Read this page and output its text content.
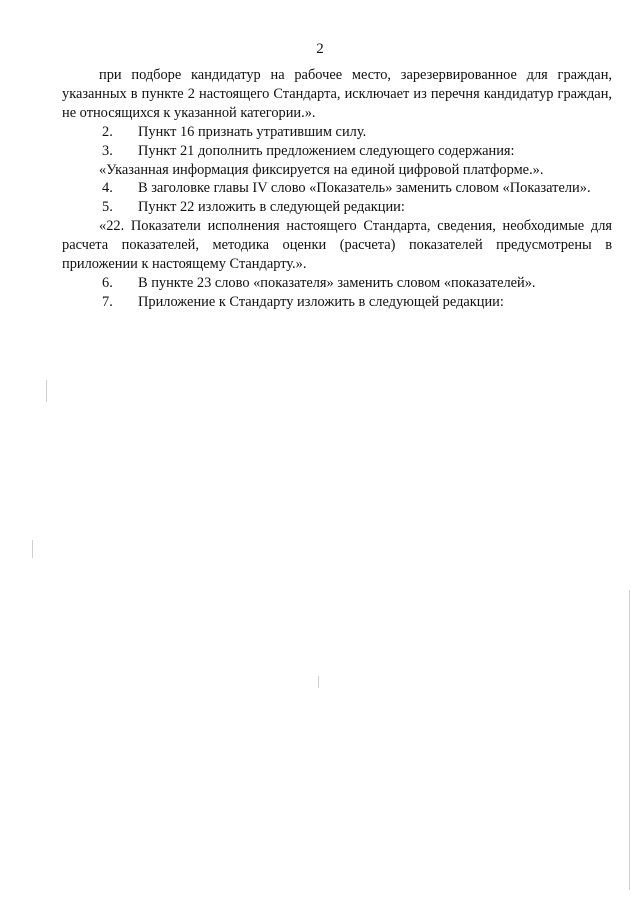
2

при подборе кандидатур на рабочее место, зарезервированное для граждан, указанных в пункте 2 настоящего Стандарта, исключает из перечня кандидатур граждан, не относящихся к указанной категории.».

2. Пункт 16 признать утратившим силу.

3. Пункт 21 дополнить предложением следующего содержания:

«Указанная информация фиксируется на единой цифровой платформе.».

4. В заголовке главы IV слово «Показатель» заменить словом «Показатели».

5. Пункт 22 изложить в следующей редакции:

«22. Показатели исполнения настоящего Стандарта, сведения, необходимые для расчета показателей, методика оценки (расчета) показателей предусмотрены в приложении к настоящему Стандарту.».

6. В пункте 23 слово «показателя» заменить словом «показателей».

7. Приложение к Стандарту изложить в следующей редакции:
